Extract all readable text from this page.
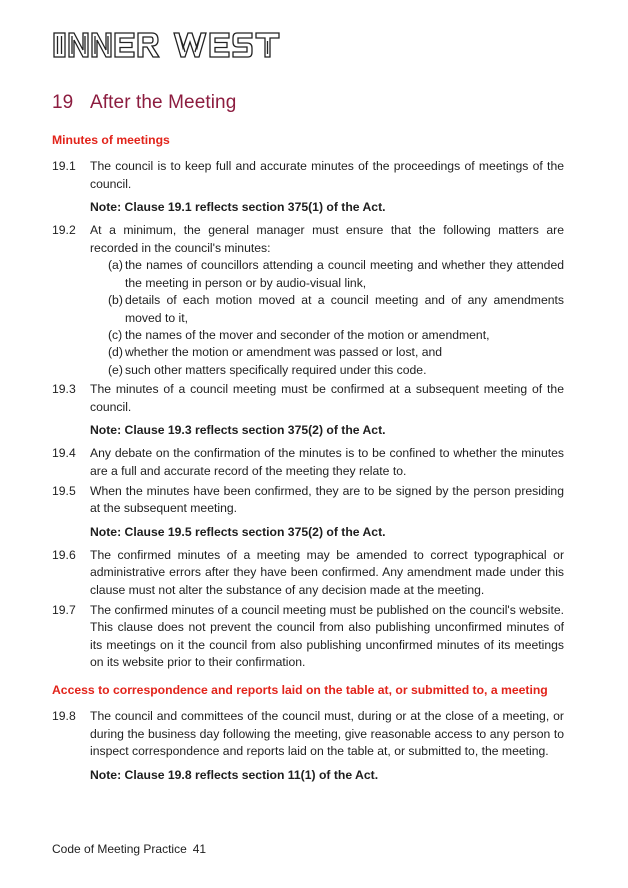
19 After the Meeting
Minutes of meetings
19.1 The council is to keep full and accurate minutes of the proceedings of meetings of the council.
Note: Clause 19.1 reflects section 375(1) of the Act.
19.2 At a minimum, the general manager must ensure that the following matters are recorded in the council's minutes:
(a) the names of councillors attending a council meeting and whether they attended the meeting in person or by audio-visual link,
(b) details of each motion moved at a council meeting and of any amendments moved to it,
(c) the names of the mover and seconder of the motion or amendment,
(d) whether the motion or amendment was passed or lost, and
(e) such other matters specifically required under this code.
19.3 The minutes of a council meeting must be confirmed at a subsequent meeting of the council.
Note: Clause 19.3 reflects section 375(2) of the Act.
19.4 Any debate on the confirmation of the minutes is to be confined to whether the minutes are a full and accurate record of the meeting they relate to.
19.5 When the minutes have been confirmed, they are to be signed by the person presiding at the subsequent meeting.
Note: Clause 19.5 reflects section 375(2) of the Act.
19.6 The confirmed minutes of a meeting may be amended to correct typographical or administrative errors after they have been confirmed. Any amendment made under this clause must not alter the substance of any decision made at the meeting.
19.7 The confirmed minutes of a council meeting must be published on the council's website. This clause does not prevent the council from also publishing unconfirmed minutes of its meetings on it the council from also publishing unconfirmed minutes of its meetings on its website prior to their confirmation.
Access to correspondence and reports laid on the table at, or submitted to, a meeting
19.8 The council and committees of the council must, during or at the close of a meeting, or during the business day following the meeting, give reasonable access to any person to inspect correspondence and reports laid on the table at, or submitted to, the meeting.
Note: Clause 19.8 reflects section 11(1) of the Act.
Code of Meeting Practice 41
